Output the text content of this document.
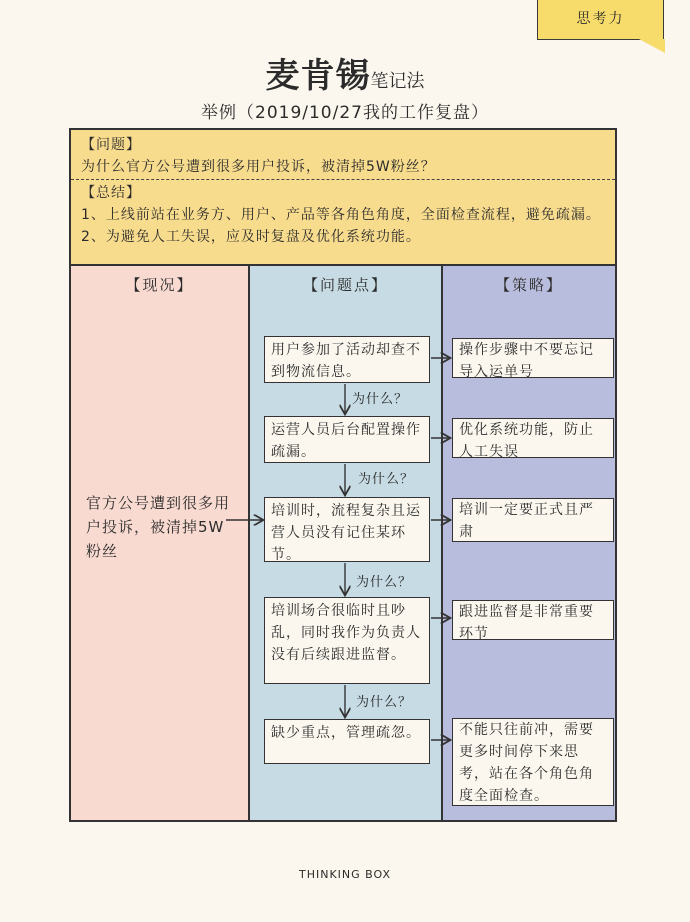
思考力
麦肯锡笔记法
举例（2019/10/27我的工作复盘）
【问题】
为什么官方公号遭到很多用户投诉，被清掉5W粉丝？
【总结】
1、上线前站在业务方、用户、产品等各角色角度，全面检查流程，避免疏漏。
2、为避免人工失误，应及时复盘及优化系统功能。
【现况】	【问题点】	【策略】
官方公号遭到很多用户投诉，被清掉5W粉丝
用户参加了活动却查不到物流信息。
运营人员后台配置操作疏漏。
培训时，流程复杂且运营人员没有记住某环节。
培训场合很临时且吵乱，同时我作为负责人没有后续跟进监督。
缺少重点，管理疏忽。
为什么？
为什么？
为什么？
为什么？
操作步骤中不要忘记导入运单号
优化系统功能，防止人工失误
培训一定要正式且严肃
跟进监督是非常重要环节
不能只往前冲，需要更多时间停下来思考，站在各个角色角度全面检查。
THINKING BOX
